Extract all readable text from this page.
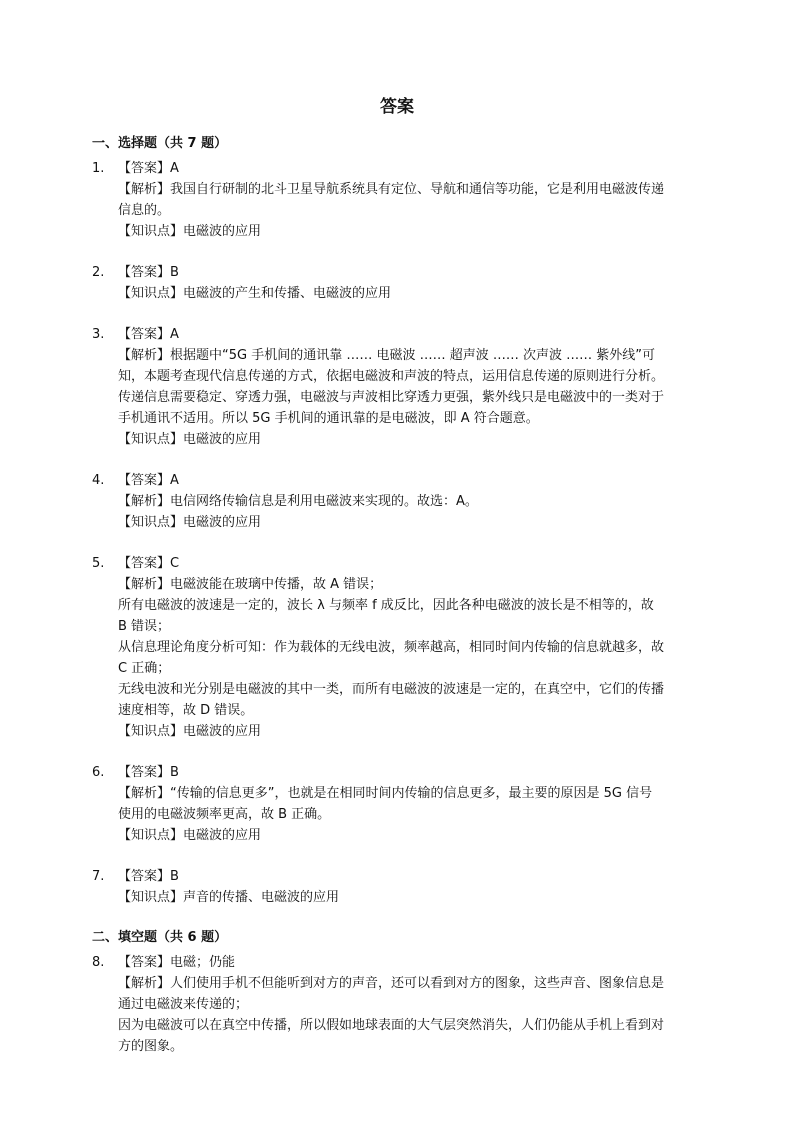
答案
一、选择题（共 7 题）
1. 【答案】A
【解析】我国自行研制的北斗卫星导航系统具有定位、导航和通信等功能，它是利用电磁波传递
信息的。
【知识点】电磁波的应用
2. 【答案】B
【知识点】电磁波的产生和传播、电磁波的应用
3. 【答案】A
【解析】根据题中“5G 手机间的通讯靠 …… 电磁波 …… 超声波 …… 次声波 …… 紫外线”可
知，本题考查现代信息传递的方式，依据电磁波和声波的特点，运用信息传递的原则进行分析。
传递信息需要稳定、穿透力强，电磁波与声波相比穿透力更强，紫外线只是电磁波中的一类对于
手机通讯不适用。所以 5G 手机间的通讯靠的是电磁波，即 A 符合题意。
【知识点】电磁波的应用
4. 【答案】A
【解析】电信网络传输信息是利用电磁波来实现的。故选：A。
【知识点】电磁波的应用
5. 【答案】C
【解析】电磁波能在玻璃中传播，故 A 错误；
所有电磁波的波速是一定的，波长 λ 与频率 f 成反比，因此各种电磁波的波长是不相等的，故
B 错误；
从信息理论角度分析可知：作为载体的无线电波，频率越高，相同时间内传输的信息就越多，故
C 正确；
无线电波和光分别是电磁波的其中一类，而所有电磁波的波速是一定的，在真空中，它们的传播
速度相等，故 D 错误。
【知识点】电磁波的应用
6. 【答案】B
【解析】“传输的信息更多”，也就是在相同时间内传输的信息更多，最主要的原因是 5G 信号
使用的电磁波频率更高，故 B 正确。
【知识点】电磁波的应用
7. 【答案】B
【知识点】声音的传播、电磁波的应用
二、填空题（共 6 题）
8. 【答案】电磁；仍能
【解析】人们使用手机不但能听到对方的声音，还可以看到对方的图象，这些声音、图象信息是
通过电磁波来传递的；
因为电磁波可以在真空中传播，所以假如地球表面的大气层突然消失，人们仍能从手机上看到对
方的图象。
